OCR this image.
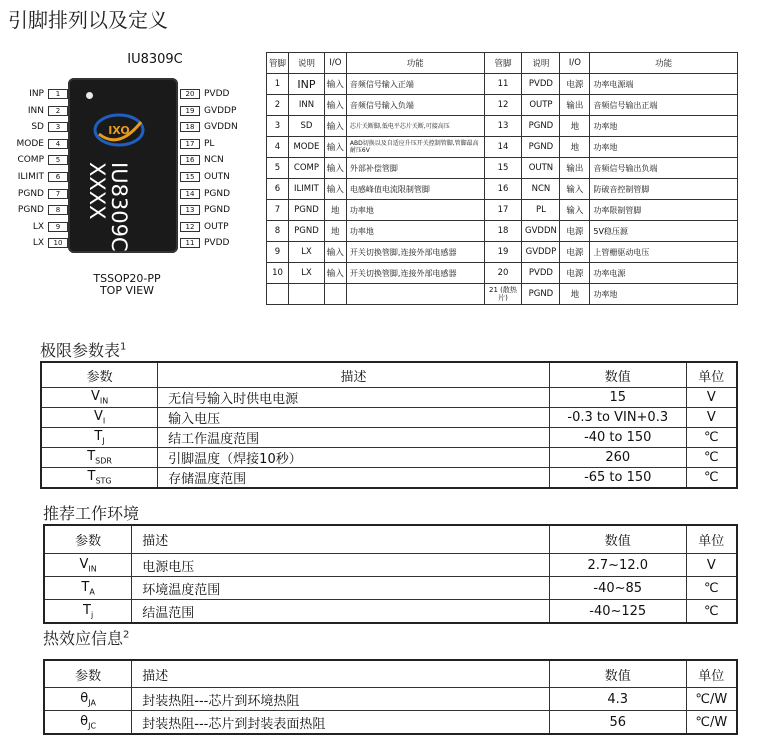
引脚排列以及定义
IU8309C
IXO
IU8309C
XXXX
INP	1
INN	2
SD	3
MODE	4
COMP	5
ILIMIT	6
PGND	7
PGND	8
LX	9
LX	10
20	PVDD
19	GVDDP
18	GVDDN
17	PL
16	NCN
15	OUTN
14	PGND
13	PGND
12	OUTP
11	PVDD
TSSOP20-PP
TOP VIEW
管脚	说明	I/O	功能	管脚	说明	I/O	功能
1	INP	输入	音频信号输入正端	11	PVDD	电源	功率电源端
2	INN	输入	音频信号输入负端	12	OUTP	输出	音频信号输出正端
3	SD	输入	芯片关断脚,低电平芯片关断,可接高压	13	PGND	地	功率地
4	MODE	输入	ABD切换以及自适应升压开关控制管脚,管脚最高耐压6V	14	PGND	地	功率地
5	COMP	输入	外部补偿管脚	15	OUTN	输出	音频信号输出负端
6	ILIMIT	输入	电感峰值电流限制管脚	16	NCN	输入	防破音控制管脚
7	PGND	地	功率地	17	PL	输入	功率限制管脚
8	PGND	地	功率地	18	GVDDN	电源	5V稳压源
9	LX	输入	开关切换管脚,连接外部电感器	19	GVDDP	电源	上管栅驱动电压
10	LX	输入	开关切换管脚,连接外部电感器	20	PVDD	电源	功率电源
				21 (散热片)	PGND	地	功率地
极限参数表$^1$
参数	描述	数值	单位
$V_{IN}$	无信号输入时供电电源	15	V
$V_I$	输入电压	-0.3 to VIN+0.3	V
$T_J$	结工作温度范围	-40 to 150	℃
$T_{SDR}$	引脚温度（焊接10秒）	260	℃
$T_{STG}$	存储温度范围	-65 to 150	℃
推荐工作环境
参数	描述	数值	单位
$V_{IN}$	电源电压	2.7~12.0	V
$T_A$	环境温度范围	-40~85	℃
$T_j$	结温范围	-40~125	℃
热效应信息$^2$
参数	描述	数值	单位
$\theta_{JA}$	封装热阻---芯片到环境热阻	4.3	℃/W
$\theta_{JC}$	封装热阻---芯片到封装表面热阻	56	℃/W
